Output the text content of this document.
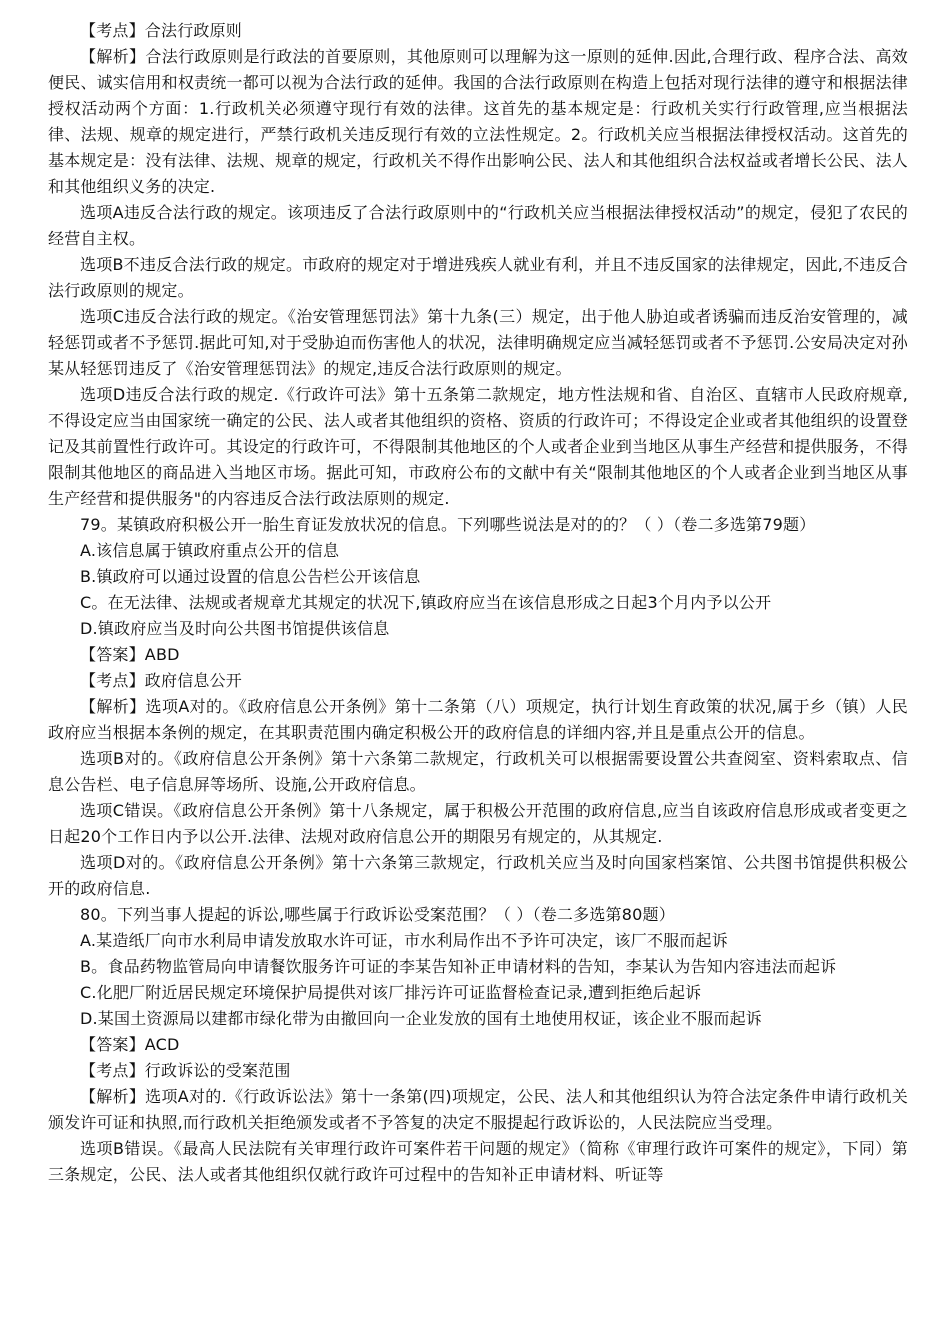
【考点】合法行政原则

【解析】合法行政原则是行政法的首要原则，其他原则可以理解为这一原则的延伸.因此,合理行政、程序合法、高效便民、诚实信用和权责统一都可以视为合法行政的延伸。我国的合法行政原则在构造上包括对现行法律的遵守和根据法律授权活动两个方面：1.行政机关必须遵守现行有效的法律。这首先的基本规定是：行政机关实行行政管理,应当根据法律、法规、规章的规定进行，严禁行政机关违反现行有效的立法性规定。2。行政机关应当根据法律授权活动。这首先的基本规定是：没有法律、法规、规章的规定，行政机关不得作出影响公民、法人和其他组织合法权益或者增长公民、法人和其他组织义务的决定.

选项A违反合法行政的规定。该项违反了合法行政原则中的“行政机关应当根据法律授权活动”的规定，侵犯了农民的经营自主权。

选项B不违反合法行政的规定。市政府的规定对于增进残疾人就业有利，并且不违反国家的法律规定，因此,不违反合法行政原则的规定。

选项C违反合法行政的规定。《治安管理惩罚法》第十九条(三）规定，出于他人胁迫或者诱骗而违反治安管理的，减轻惩罚或者不予惩罚.据此可知,对于受胁迫而伤害他人的状况，法律明确规定应当减轻惩罚或者不予惩罚.公安局决定对孙某从轻惩罚违反了《治安管理惩罚法》的规定,违反合法行政原则的规定。

选项D违反合法行政的规定.《行政许可法》第十五条第二款规定，地方性法规和省、自治区、直辖市人民政府规章,不得设定应当由国家统一确定的公民、法人或者其他组织的资格、资质的行政许可；不得设定企业或者其他组织的设置登记及其前置性行政许可。其设定的行政许可，不得限制其他地区的个人或者企业到当地区从事生产经营和提供服务，不得限制其他地区的商品进入当地区市场。据此可知，市政府公布的文献中有关“限制其他地区的个人或者企业到当地区从事生产经营和提供服务"的内容违反合法行政法原则的规定.

79。某镇政府积极公开一胎生育证发放状况的信息。下列哪些说法是对的的？（ ）（卷二多选第79题）

A.该信息属于镇政府重点公开的信息

B.镇政府可以通过设置的信息公告栏公开该信息

C。在无法律、法规或者规章尤其规定的状况下,镇政府应当在该信息形成之日起3个月内予以公开

D.镇政府应当及时向公共图书馆提供该信息

【答案】ABD

【考点】政府信息公开

【解析】选项A对的。《政府信息公开条例》第十二条第（八）项规定，执行计划生育政策的状况,属于乡（镇）人民政府应当根据本条例的规定，在其职责范围内确定积极公开的政府信息的详细内容,并且是重点公开的信息。

选项B对的。《政府信息公开条例》第十六条第二款规定，行政机关可以根据需要设置公共查阅室、资料索取点、信息公告栏、电子信息屏等场所、设施,公开政府信息。

选项C错误。《政府信息公开条例》第十八条规定，属于积极公开范围的政府信息,应当自该政府信息形成或者变更之日起20个工作日内予以公开.法律、法规对政府信息公开的期限另有规定的，从其规定.

选项D对的。《政府信息公开条例》第十六条第三款规定，行政机关应当及时向国家档案馆、公共图书馆提供积极公开的政府信息.

80。下列当事人提起的诉讼,哪些属于行政诉讼受案范围？（ ）（卷二多选第80题）

A.某造纸厂向市水利局申请发放取水许可证，市水利局作出不予许可决定，该厂不服而起诉

B。食品药物监管局向申请餐饮服务许可证的李某告知补正申请材料的告知，李某认为告知内容违法而起诉

C.化肥厂附近居民规定环境保护局提供对该厂排污许可证监督检查记录,遭到拒绝后起诉

D.某国土资源局以建都市绿化带为由撤回向一企业发放的国有土地使用权证，该企业不服而起诉

【答案】ACD

【考点】行政诉讼的受案范围

【解析】选项A对的.《行政诉讼法》第十一条第(四)项规定，公民、法人和其他组织认为符合法定条件申请行政机关颁发许可证和执照,而行政机关拒绝颁发或者不予答复的决定不服提起行政诉讼的，人民法院应当受理。

选项B错误。《最高人民法院有关审理行政许可案件若干问题的规定》（简称《审理行政许可案件的规定》，下同）第三条规定，公民、法人或者其他组织仅就行政许可过程中的告知补正申请材料、听证等
